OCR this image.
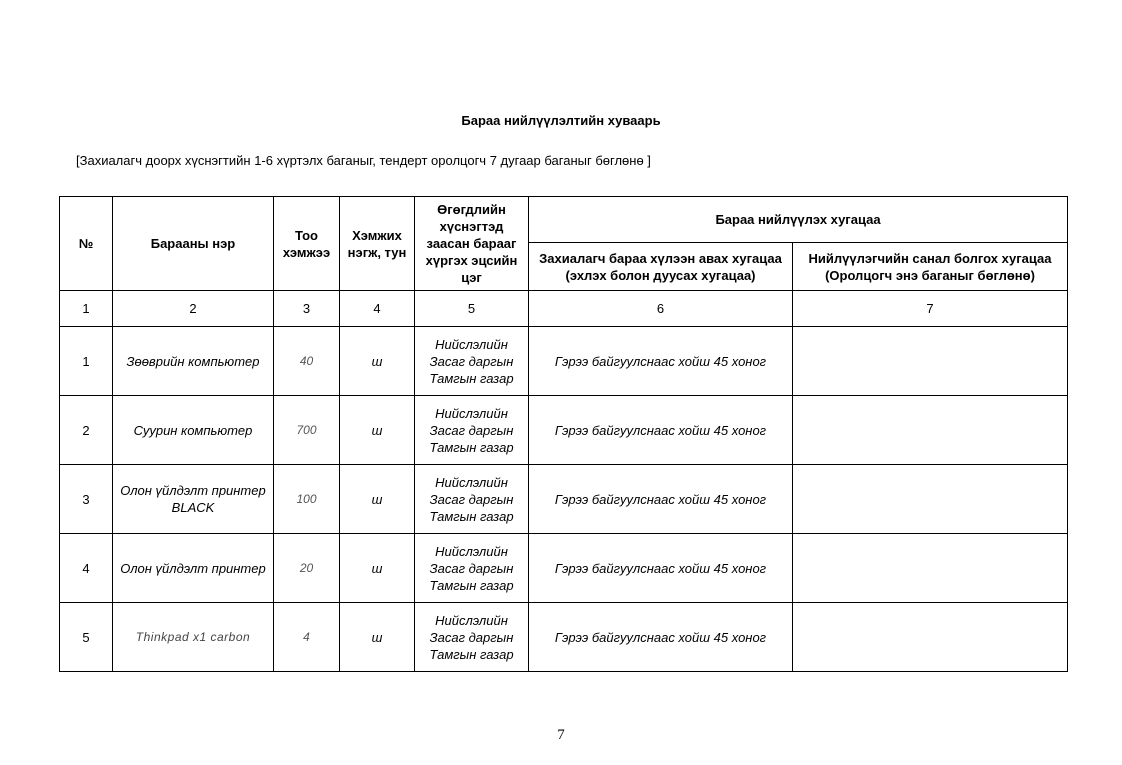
Бараа нийлүүлэлтийн хуваарь
[Захиалагч доорх хүснэгтийн 1-6 хүртэлх баганыг, тендерт оролцогч 7 дугаар баганыг бөглөнө ]
№	Барааны нэр	Тоо хэмжээ	Хэмжих нэгж, тун	Өгөгдлийн хүснэгтэд заасан барааг хүргэх эцсийн цэг	Бараа нийлүүлэх хугацаа	
					Захиалагч бараа хүлээн авах хугацаа (эхлэх болон дуусах хугацаа)	Нийлүүлэгчийн санал болгох хугацаа (Оролцогч энэ баганыг бөглөнө)
1	2	3	4	5	6	7
1	Зөөврийн компьютер	40	ш	Нийслэлийн Засаг даргын Тамгын газар	Гэрээ байгуулснаас хойш 45 хоног	
2	Суурин компьютер	700	ш	Нийслэлийн Засаг даргын Тамгын газар	Гэрээ байгуулснаас хойш 45 хоног	
3	Олон үйлдэлт принтер BLACK	100	ш	Нийслэлийн Засаг даргын Тамгын газар	Гэрээ байгуулснаас хойш 45 хоног	
4	Олон үйлдэлт принтер	20	ш	Нийслэлийн Засаг даргын Тамгын газар	Гэрээ байгуулснаас хойш 45 хоног	
5	Thinkpad x1 carbon	4	ш	Нийслэлийн Засаг даргын Тамгын газар	Гэрээ байгуулснаас хойш 45 хоног	
7
